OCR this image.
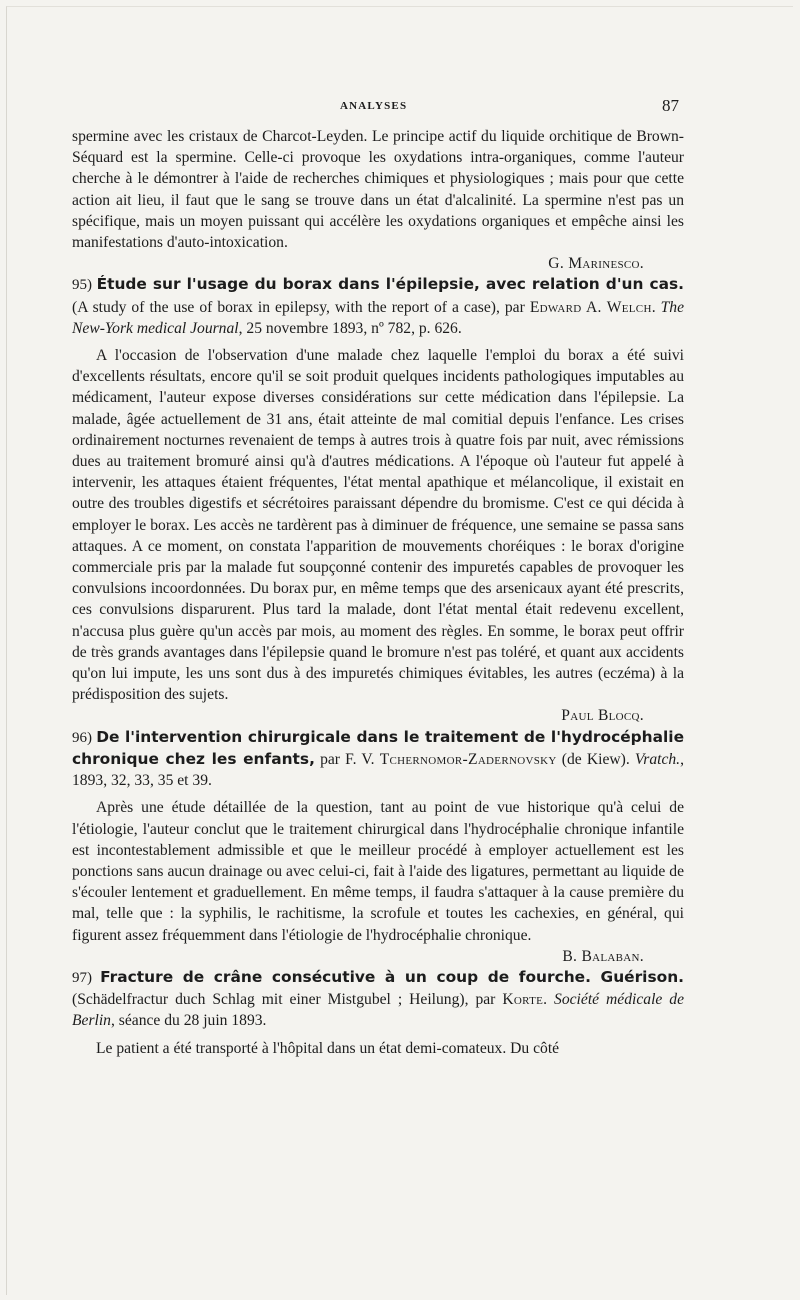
ANALYSES	87

spermine avec les cristaux de Charcot-Leyden. Le principe actif du liquide orchitique de Brown-Séquard est la spermine. Celle-ci provoque les oxydations intra-organiques, comme l'auteur cherche à le démontrer à l'aide de recherches chimiques et physiologiques ; mais pour que cette action ait lieu, il faut que le sang se trouve dans un état d'alcalinité. La spermine n'est pas un spécifique, mais un moyen puissant qui accélère les oxydations organiques et empêche ainsi les manifestations d'auto-intoxication.

G. Marinesco.

95) Étude sur l'usage du borax dans l'épilepsie, avec relation d'un cas. (A study of the use of borax in epilepsy, with the report of a case), par Edward A. Welch. The New-York medical Journal, 25 novembre 1893, nº 782, p. 626.

A l'occasion de l'observation d'une malade chez laquelle l'emploi du borax a été suivi d'excellents résultats, encore qu'il se soit produit quelques incidents pathologiques imputables au médicament, l'auteur expose diverses considérations sur cette médication dans l'épilepsie. La malade, âgée actuellement de 31 ans, était atteinte de mal comitial depuis l'enfance. Les crises ordinairement nocturnes revenaient de temps à autres trois à quatre fois par nuit, avec rémissions dues au traitement bromuré ainsi qu'à d'autres médications. A l'époque où l'auteur fut appelé à intervenir, les attaques étaient fréquentes, l'état mental apathique et mélancolique, il existait en outre des troubles digestifs et sécrétoires paraissant dépendre du bromisme. C'est ce qui décida à employer le borax. Les accès ne tardèrent pas à diminuer de fréquence, une semaine se passa sans attaques. A ce moment, on constata l'apparition de mouvements choréiques : le borax d'origine commerciale pris par la malade fut soupçonné contenir des impuretés capables de provoquer les convulsions incoordonnées. Du borax pur, en même temps que des arsenicaux ayant été prescrits, ces convulsions disparurent. Plus tard la malade, dont l'état mental était redevenu excellent, n'accusa plus guère qu'un accès par mois, au moment des règles. En somme, le borax peut offrir de très grands avantages dans l'épilepsie quand le bromure n'est pas toléré, et quant aux accidents qu'on lui impute, les uns sont dus à des impuretés chimiques évitables, les autres (eczéma) à la prédisposition des sujets.

Paul Blocq.

96) De l'intervention chirurgicale dans le traitement de l'hydrocéphalie chronique chez les enfants, par F. V. Tchernomor-Zadernovsky (de Kiew). Vratch., 1893, 32, 33, 35 et 39.

Après une étude détaillée de la question, tant au point de vue historique qu'à celui de l'étiologie, l'auteur conclut que le traitement chirurgical dans l'hydrocéphalie chronique infantile est incontestablement admissible et que le meilleur procédé à employer actuellement est les ponctions sans aucun drainage ou avec celui-ci, fait à l'aide des ligatures, permettant au liquide de s'écouler lentement et graduellement. En même temps, il faudra s'attaquer à la cause première du mal, telle que : la syphilis, le rachitisme, la scrofule et toutes les cachexies, en général, qui figurent assez fréquemment dans l'étiologie de l'hydrocéphalie chronique.

B. Balaban.

97) Fracture de crâne consécutive à un coup de fourche. Guérison. (Schädelfractur duch Schlag mit einer Mistgubel ; Heilung), par Korte. Société médicale de Berlin, séance du 28 juin 1893.

Le patient a été transporté à l'hôpital dans un état demi-comateux. Du côté
